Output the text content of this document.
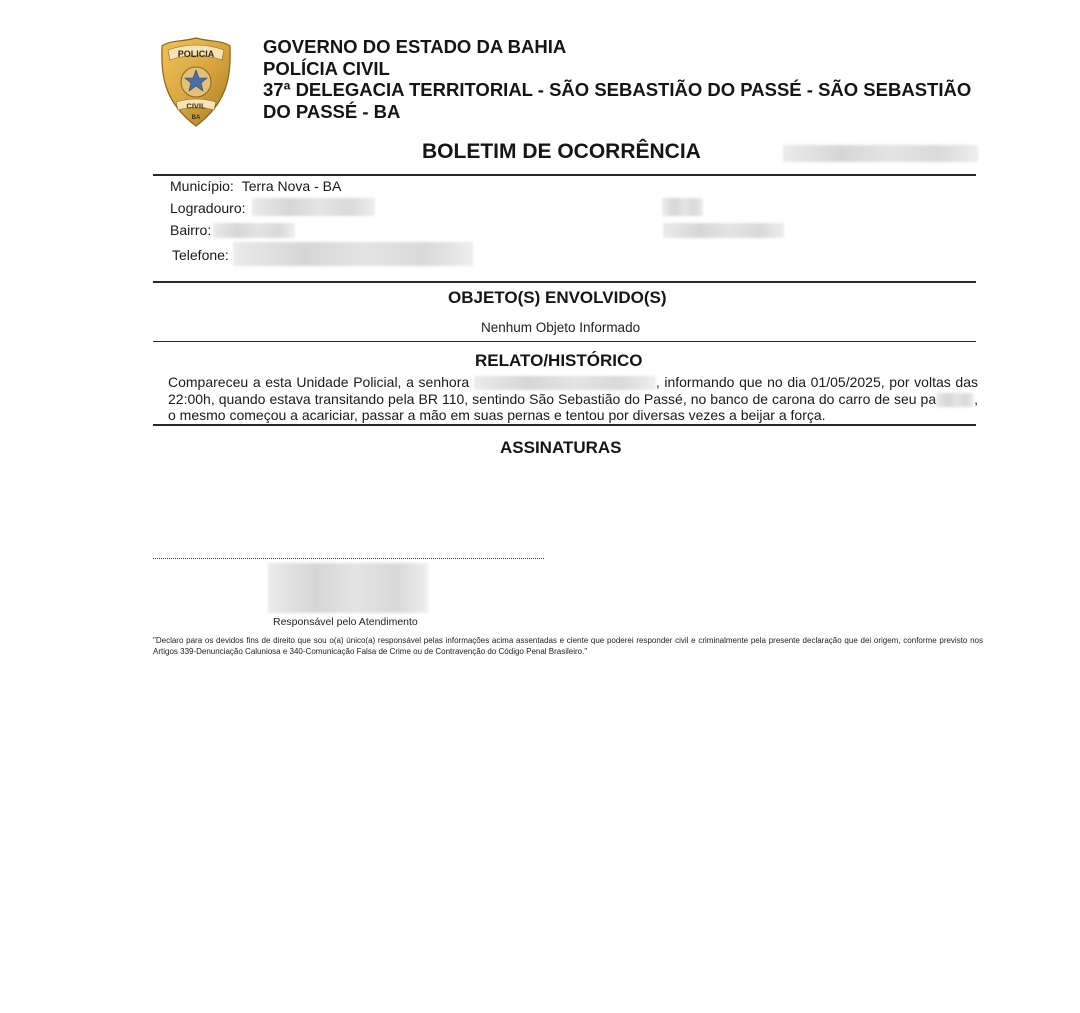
POLICIA
CIVIL
BA
GOVERNO DO ESTADO DA BAHIA
POLÍCIA CIVIL
37ª DELEGACIA TERRITORIAL - SÃO SEBASTIÃO DO PASSÉ - SÃO SEBASTIÃO DO PASSÉ - BA
BOLETIM DE OCORRÊNCIA
Município: Terra Nova - BA
Logradouro:
Bairro:
Telefone:
OBJETO(S) ENVOLVIDO(S)
Nenhum Objeto Informado
RELATO/HISTÓRICO
Compareceu a esta Unidade Policial, a senhora	, informando que no dia 01/05/2025, por voltas das 22:00h, quando estava transitando pela BR 110, sentindo São Sebastião do Passé, no banco de carona do carro de seu pa	, o mesmo começou a acariciar, passar a mão em suas pernas e tentou por diversas vezes a beijar a força.
ASSINATURAS
Responsável pelo Atendimento
"Declaro para os devidos fins de direito que sou o(a) único(a) responsável pelas informações acima assentadas e ciente que poderei responder civil e criminalmente pela presente declaração que dei origem, conforme previsto nos Artigos 339-Denunciação Caluniosa e 340-Comunicação Falsa de Crime ou de Contravenção do Código Penal Brasileiro."
